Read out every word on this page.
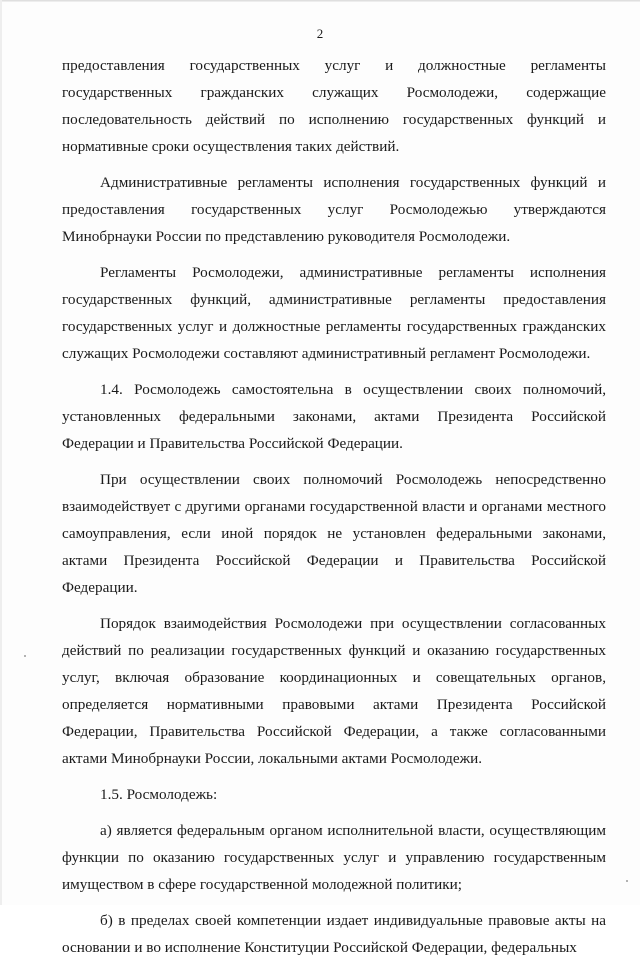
2

предоставления государственных услуг и должностные регламенты государственных гражданских служащих Росмолодежи, содержащие последовательность действий по исполнению государственных функций и нормативные сроки осуществления таких действий.

Административные регламенты исполнения государственных функций и предоставления государственных услуг Росмолодежью утверждаются Минобрнауки России по представлению руководителя Росмолодежи.

Регламенты Росмолодежи, административные регламенты исполнения государственных функций, административные регламенты предоставления государственных услуг и должностные регламенты государственных гражданских служащих Росмолодежи составляют административный регламент Росмолодежи.

1.4. Росмолодежь самостоятельна в осуществлении своих полномочий, установленных федеральными законами, актами Президента Российской Федерации и Правительства Российской Федерации.

При осуществлении своих полномочий Росмолодежь непосредственно взаимодействует с другими органами государственной власти и органами местного самоуправления, если иной порядок не установлен федеральными законами, актами Президента Российской Федерации и Правительства Российской Федерации.

Порядок взаимодействия Росмолодежи при осуществлении согласованных действий по реализации государственных функций и оказанию государственных услуг, включая образование координационных и совещательных органов, определяется нормативными правовыми актами Президента Российской Федерации, Правительства Российской Федерации, а также согласованными актами Минобрнауки России, локальными актами Росмолодежи.

1.5. Росмолодежь:

а) является федеральным органом исполнительной власти, осуществляющим функции по оказанию государственных услуг и управлению государственным имуществом в сфере государственной молодежной политики;

б) в пределах своей компетенции издает индивидуальные правовые акты на основании и во исполнение Конституции Российской Федерации, федеральных
